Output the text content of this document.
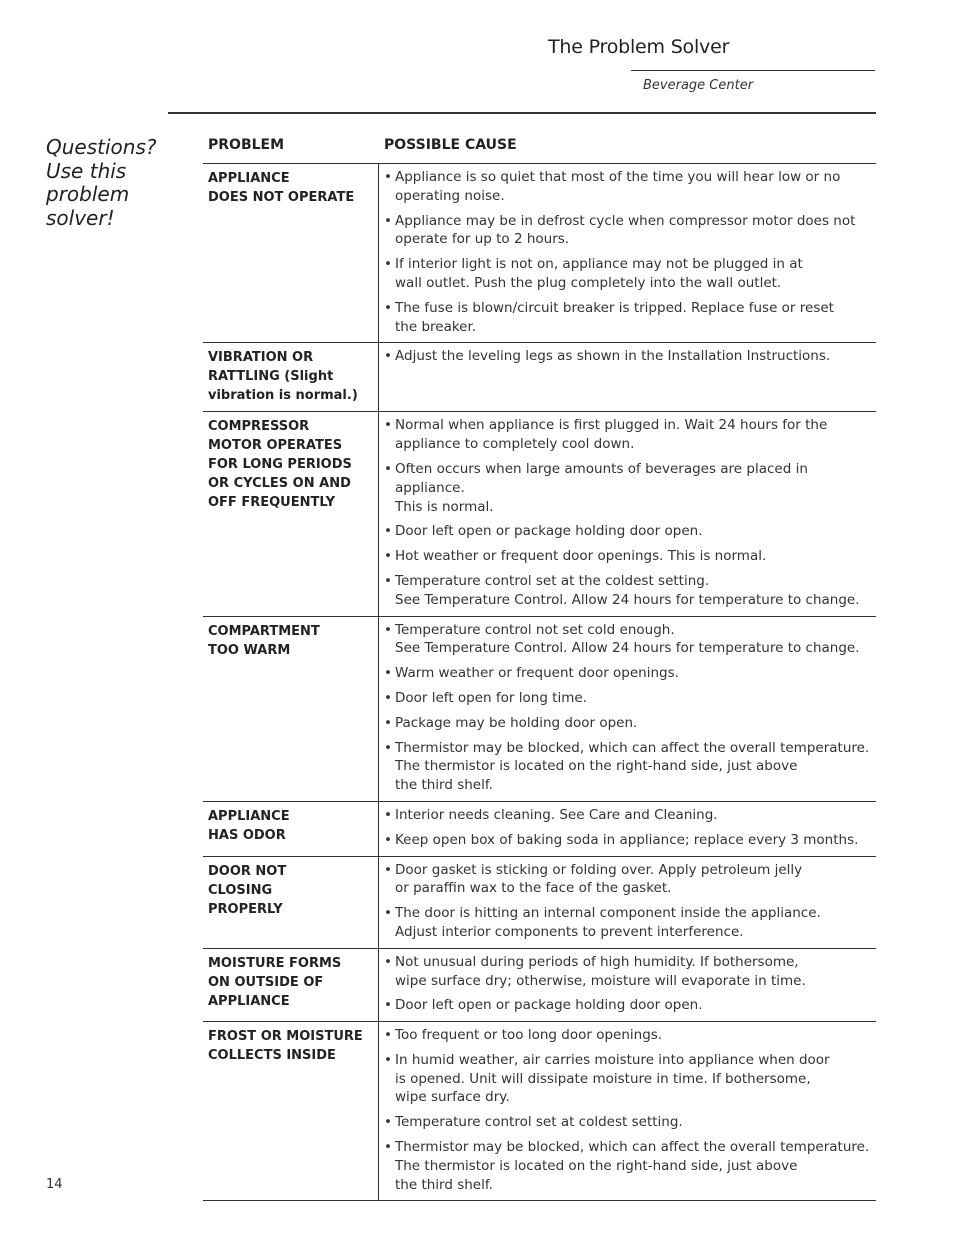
The Problem Solver
Beverage Center
Questions?
Use this
problem
solver!
PROBLEM	POSSIBLE CAUSE
APPLIANCE
DOES NOT OPERATE
• Appliance is so quiet that most of the time you will hear low or no
operating noise.
• Appliance may be in defrost cycle when compressor motor does not
operate for up to 2 hours.
• If interior light is not on, appliance may not be plugged in at
wall outlet. Push the plug completely into the wall outlet.
• The fuse is blown/circuit breaker is tripped. Replace fuse or reset
the breaker.
VIBRATION OR
RATTLING (Slight
vibration is normal.)
• Adjust the leveling legs as shown in the Installation Instructions.
COMPRESSOR
MOTOR OPERATES
FOR LONG PERIODS
OR CYCLES ON AND
OFF FREQUENTLY
• Normal when appliance is first plugged in. Wait 24 hours for the
appliance to completely cool down.
• Often occurs when large amounts of beverages are placed in appliance.
This is normal.
• Door left open or package holding door open.
• Hot weather or frequent door openings. This is normal.
• Temperature control set at the coldest setting.
See Temperature Control. Allow 24 hours for temperature to change.
COMPARTMENT
TOO WARM
• Temperature control not set cold enough.
See Temperature Control. Allow 24 hours for temperature to change.
• Warm weather or frequent door openings.
• Door left open for long time.
• Package may be holding door open.
• Thermistor may be blocked, which can affect the overall temperature.
The thermistor is located on the right-hand side, just above
the third shelf.
APPLIANCE
HAS ODOR
• Interior needs cleaning. See Care and Cleaning.
• Keep open box of baking soda in appliance; replace every 3 months.
DOOR NOT
CLOSING
PROPERLY
• Door gasket is sticking or folding over. Apply petroleum jelly
or paraffin wax to the face of the gasket.
• The door is hitting an internal component inside the appliance.
Adjust interior components to prevent interference.
MOISTURE FORMS
ON OUTSIDE OF
APPLIANCE
• Not unusual during periods of high humidity. If bothersome,
wipe surface dry; otherwise, moisture will evaporate in time.
• Door left open or package holding door open.
FROST OR MOISTURE
COLLECTS INSIDE
• Too frequent or too long door openings.
• In humid weather, air carries moisture into appliance when door
is opened. Unit will dissipate moisture in time. If bothersome,
wipe surface dry.
• Temperature control set at coldest setting.
• Thermistor may be blocked, which can affect the overall temperature.
The thermistor is located on the right-hand side, just above
the third shelf.
14
